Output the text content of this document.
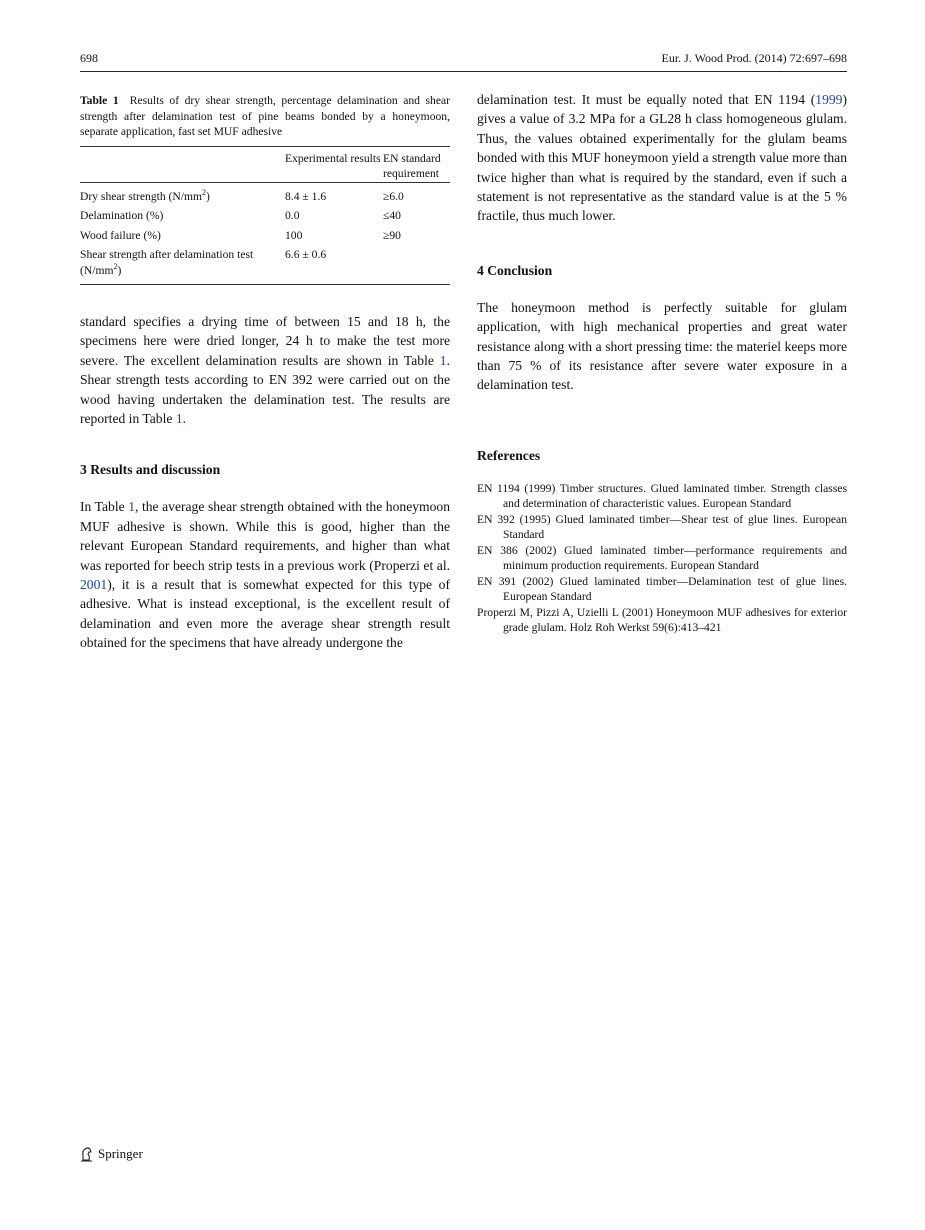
698	Eur. J. Wood Prod. (2014) 72:697–698

Table 1 Results of dry shear strength, percentage delamination and shear strength after delamination test of pine beams bonded by a honeymoon, separate application, fast set MUF adhesive

	Experimental results	EN standard requirement
Dry shear strength $(N/mm^2)$	8.4 ± 1.6	≥6.0
Delamination (%)	0.0	≤40
Wood failure (%)	100	≥90
Shear strength after delamination test $(N/mm^2)$	6.6 ± 0.6	

standard specifies a drying time of between 15 and 18 h, the specimens here were dried longer, 24 h to make the test more severe. The excellent delamination results are shown in Table 1. Shear strength tests according to EN 392 were carried out on the wood having undertaken the delamination test. The results are reported in Table 1.

3 Results and discussion

In Table 1, the average shear strength obtained with the honeymoon MUF adhesive is shown. While this is good, higher than the relevant European Standard requirements, and higher than what was reported for beech strip tests in a previous work (Properzi et al. 2001), it is a result that is somewhat expected for this type of adhesive. What is instead exceptional, is the excellent result of delamination and even more the average shear strength result obtained for the specimens that have already undergone the

delamination test. It must be equally noted that EN 1194 (1999) gives a value of 3.2 MPa for a GL28 h class homogeneous glulam. Thus, the values obtained experimentally for the glulam beams bonded with this MUF honeymoon yield a strength value more than twice higher than what is required by the standard, even if such a statement is not representative as the standard value is at the 5 % fractile, thus much lower.

4 Conclusion

The honeymoon method is perfectly suitable for glulam application, with high mechanical properties and great water resistance along with a short pressing time: the materiel keeps more than 75 % of its resistance after severe water exposure in a delamination test.

References

EN 1194 (1999) Timber structures. Glued laminated timber. Strength classes and determination of characteristic values. European Standard

EN 392 (1995) Glued laminated timber—Shear test of glue lines. European Standard

EN 386 (2002) Glued laminated timber—performance requirements and minimum production requirements. European Standard

EN 391 (2002) Glued laminated timber—Delamination test of glue lines. European Standard

Properzi M, Pizzi A, Uzielli L (2001) Honeymoon MUF adhesives for exterior grade glulam. Holz Roh Werkst 59(6):413–421

Springer
